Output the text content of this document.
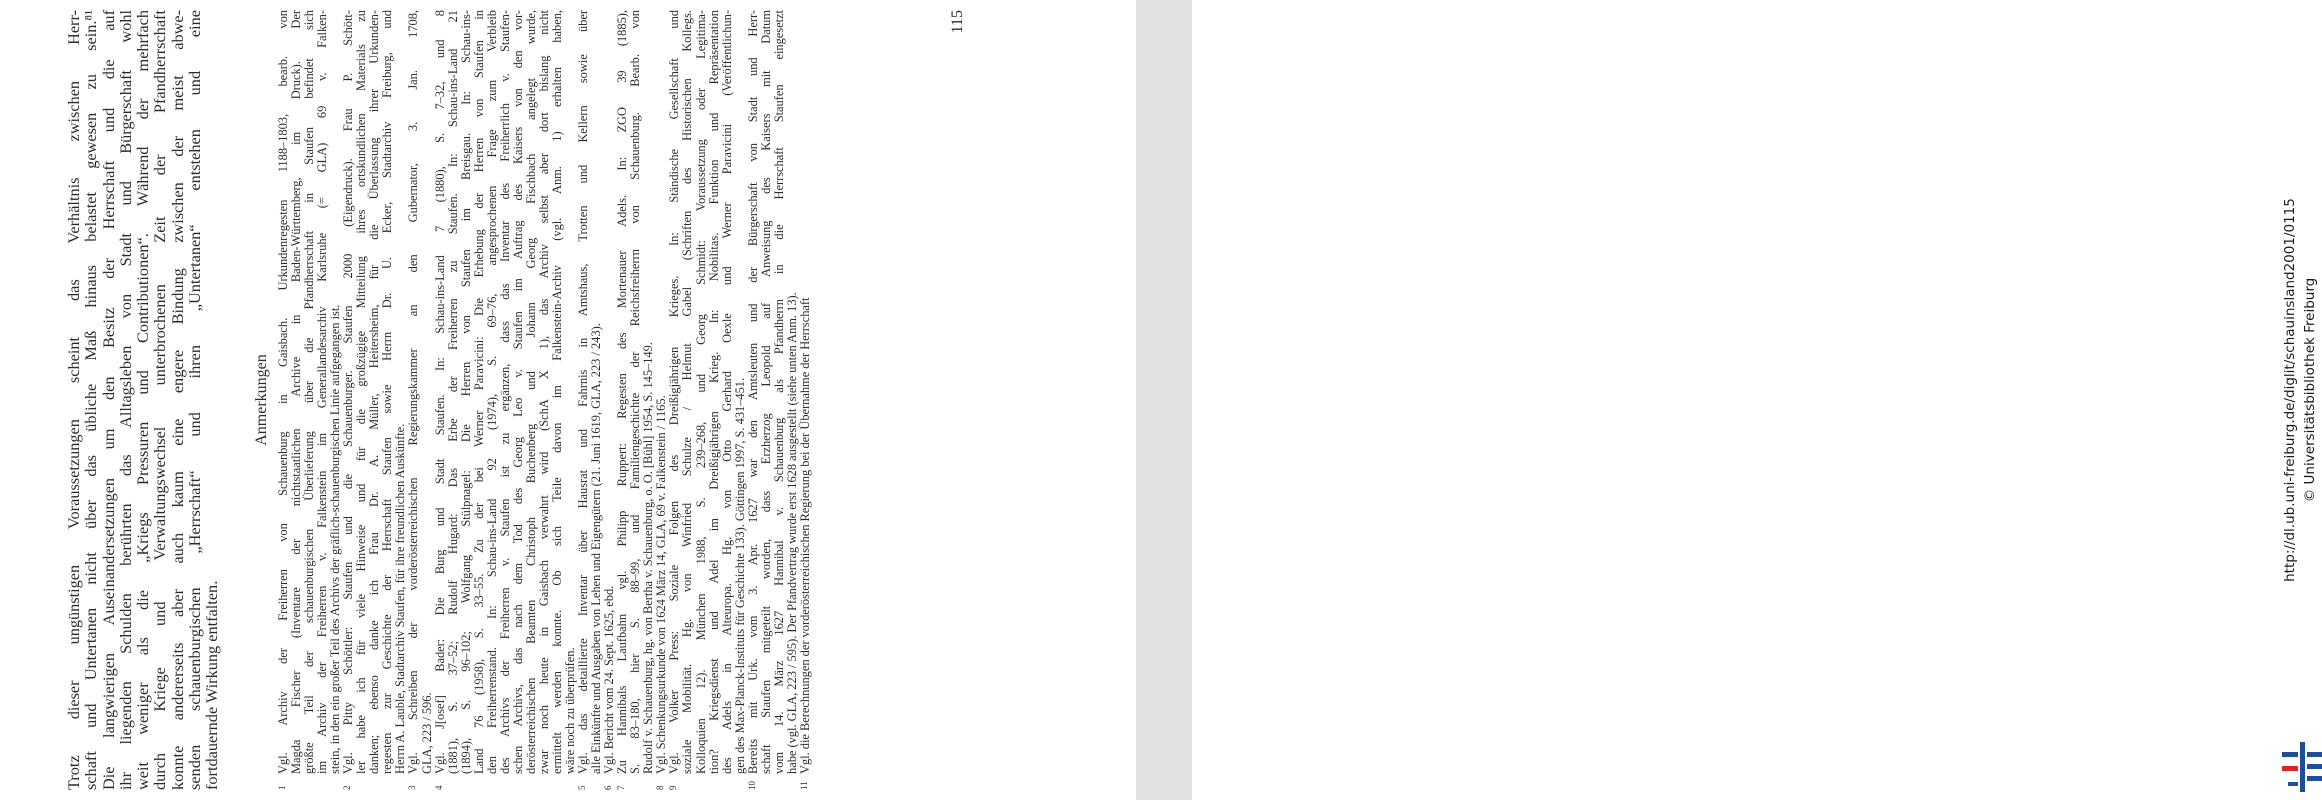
Trotz dieser ungünstigen Voraussetzungen scheint das Verhältnis zwischen Herr-
schaft und Untertanen nicht über das übliche Maß hinaus belastet gewesen zu sein.⁸¹
Die langwierigen Auseinandersetzungen um den Besitz der Herrschaft und die auf
ihr liegenden Schulden berührten das Alltagsleben von Stadt und Bürgerschaft wohl
weit weniger als die „Kriegs Pressuren und Contributionen“. Während der mehrfach
durch Kriege und Verwaltungswechsel unterbrochenen Zeit der Pfandherrschaft
konnte andererseits aber auch kaum eine engere Bindung zwischen der meist abwe-
senden schauenburgischen „Herrschaft“ und ihren „Untertanen“ entstehen und eine
fortdauernde Wirkung entfalten.
Anmerkungen
1
Vgl. Archiv der Freiherren von Schauenburg in Gaisbach. Urkundenregesten 1188–1803, bearb. von Magda Fischer (Inventare der nichtstaatlichen Archive in Baden-Württemberg, im Druck). Der größte Teil der schauenburgischen Überlieferung über die Pfandherrschaft in Staufen befindet sich im Archiv der Freiherren v. Falkenstein im Generallandesarchiv Karlsruhe (= GLA) 69 v. Falken- stein, in den ein großer Teil des Archivs der gräflich-schauenburgischen Linie aufgegangen ist.
2
Vgl. Pitty Schöttler: Staufen und die Schauenburger. Staufen 2000 (Eigendruck). Frau P. Schött- ler habe ich für viele Hinweise und für die großzügige Mitteilung ihres ortskundlichen Materials zu danken; ebenso danke ich Frau Dr. A. Müller, Heitersheim, für die Überlassung ihrer Urkunden- regesten zur Geschichte der Herrschaft Staufen sowie Herrn Dr. U. Ecker, Stadtarchiv Freiburg, und Herrn A. Lauble, Stadtarchiv Staufen, für ihre freundlichen Auskünfte.
3
Vgl. Schreiben der vorderösterreichischen Regierungskammer an den Gubernator, 3. Jan. 1708, GLA, 223 / 596.
4
Vgl. J[osef] Bader: Die Burg und Stadt Staufen. In: Schau-ins-Land 7 (1880), S. 7–32, und 8 (1881), S. 37–52; Rudolf Hugard: Das Erbe der Freiherren zu Staufen. In: Schau-ins-Land 21 (1894), S. 96–102; Wolfgang Stülpnagel: Die Herren von Staufen im Breisgau. In: Schau-ins- Land 76 (1958), S. 33–55. Zu der bei Werner Paravicini: Die Erhebung der Herren von Staufen in den Freiherrenstand. In: Schau-ins-Land 92 (1974), S. 69–76, angesprochenen Frage zum Verbleib des Archivs der Freiherren v. Staufen ist zu ergänzen, dass das Inventar des Freiherrlich v. Staufen- schen Archivs, das nach dem Tod des Georg Leo v. Staufen im Auftrag des Kaisers von den vor- derösterreichischen Beamten Christoph Buchenberg und Johann Georg Fischbach angelegt wurde, zwar noch heute in Gaisbach verwahrt wird (SchA X 1), das Archiv selbst aber dort bislang nicht ermittelt werden konnte. Ob sich Teile davon im Falkenstein-Archiv (vgl. Anm. 1) erhalten haben, wäre noch zu überprüfen.
5
Vgl. das detaillierte Inventar über Hausrat und Fahrnis in Amtshaus, Trotten und Kellern sowie über alle Einkünfte und Ausgaben von Lehen und Eigengütern (21. Juni 1619, GLA, 223 / 243).
6
Vgl. Bericht vom 24. Sept. 1625, ebd.
7
Zu Hannibals Laufbahn vgl. Philipp Ruppert: Regesten des Mortenauer Adels. In: ZGO 39 (1885), S. 83–180, hier S. 88–99, und Familiengeschichte der Reichsfreiherrn von Schauenburg. Bearb. von Rudolf v. Schauenburg, hg. von Bertha v. Schauenburg, o. O. [Bühl] 1954, S. 145–149.
8
Vgl. Schenkungsurkunde von 1624 März 14, GLA, 69 v. Falkenstein / 1165.
9
Vgl. Volker Press: Soziale Folgen des Dreißigjährigen Krieges. In: Ständische Gesellschaft und soziale Mobilität. Hg. von Winfried Schulze / Helmut Gabel (Schriften des Historischen Kollegs. Kolloquien 12). München 1988, S. 239–268, und Georg Schmidt: Voraussetzung oder Legitima- tion? Kriegsdienst und Adel im Dreißigjährigen Krieg. In: Nobilitas. Funktion und Repräsentation des Adels in Alteuropa. Hg. von Otto Gerhard Oexle und Werner Paravicini (Veröffentlichun- gen des Max-Planck-Instituts für Geschichte 133). Göttingen 1997, S. 431–451.
10
Bereits mit Urk. vom 3. Apr. 1627 war den Amtsleuten und der Bürgerschaft von Stadt und Herr- schaft Staufen mitgeteilt worden, dass Erzherzog Leopold auf Anweisung des Kaisers mit Datum vom 14. März 1627 Hannibal v. Schauenburg als Pfandherrn in die Herrschaft Staufen eingesetzt habe (vgl. GLA, 223 / 595). Der Pfandvertrag wurde erst 1628 ausgestellt (siehe unten Anm. 13).
11
Vgl. die Berechnungen der vorderösterreichischen Regierung bei der Übernahme der Herrschaft
115
http://dl.ub.uni-freiburg.de/diglit/schauinsland2001/0115 © Universitätsbibliothek Freiburg
